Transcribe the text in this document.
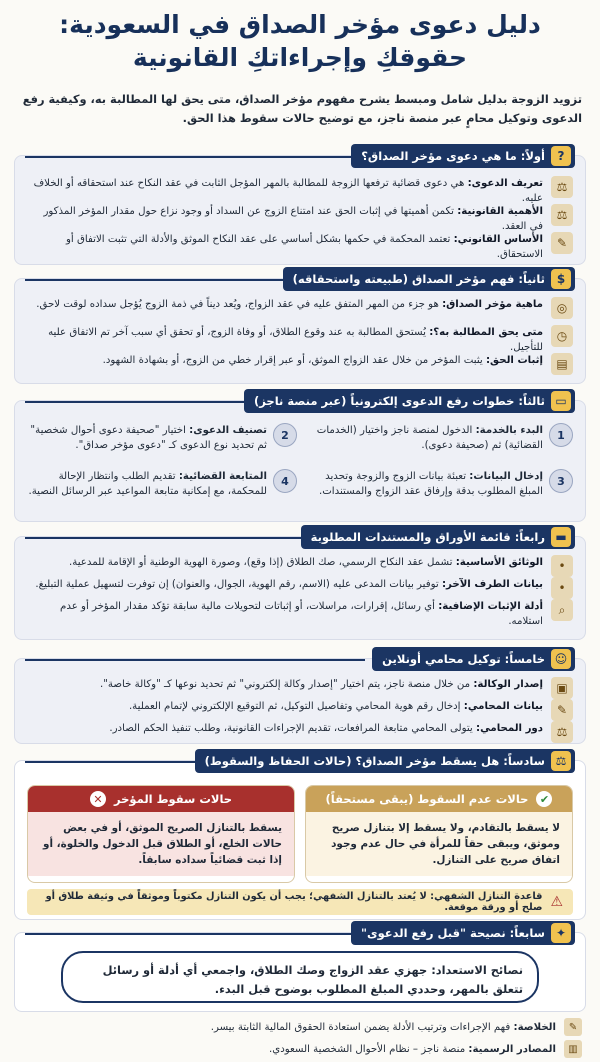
دليل دعوى مؤخر الصداق في السعودية:
حقوقكِ وإجراءاتكِ القانونية

تزويد الزوجة بدليل شامل ومبسط يشرح مفهوم مؤخر الصداق، متى يحق لها المطالبة به، وكيفية رفع الدعوى وتوكيل محامٍ عبر منصة ناجز، مع توضيح حالات سقوط هذا الحق.

?
أولاً: ما هي دعوى مؤخر الصداق؟
⚖
تعريف الدعوى: هي دعوى قضائية ترفعها الزوجة للمطالبة بالمهر المؤجل الثابت في عقد النكاح عند استحقاقه أو الخلاف عليه.
⚖
الأهمية القانونية: تكمن أهميتها في إثبات الحق عند امتناع الزوج عن السداد أو وجود نزاع حول مقدار المؤخر المذكور في العقد.
✎
الأساس القانوني: تعتمد المحكمة في حكمها بشكل أساسي على عقد النكاح الموثق والأدلة التي تثبت الاتفاق أو الاستحقاق.
$
ثانياً: فهم مؤخر الصداق (طبيعته واستحقاقه)
◎
ماهية مؤخر الصداق: هو جزء من المهر المتفق عليه في عقد الزواج، ويُعد ديناً في ذمة الزوج يُؤجل سداده لوقت لاحق.
◷
متى يحق المطالبة به؟: يُستحق المطالبة به عند وقوع الطلاق، أو وفاة الزوج، أو تحقق أي سبب آخر تم الاتفاق عليه للتأجيل.
▤
إثبات الحق: يثبت المؤخر من خلال عقد الزواج الموثق، أو عبر إقرار خطي من الزوج، أو بشهادة الشهود.
▭
ثالثاً: خطوات رفع الدعوى إلكترونياً (عبر منصة ناجز)
1
البدء بالخدمة: الدخول لمنصة ناجز واختيار (الخدمات القضائية) ثم (صحيفة دعوى).
2
تصنيف الدعوى: اختيار "صحيفة دعوى أحوال شخصية" ثم تحديد نوع الدعوى كـ "دعوى مؤخر صداق".
3
إدخال البيانات: تعبئة بيانات الزوج والزوجة وتحديد المبلغ المطلوب بدقة وإرفاق عقد الزواج والمستندات.
4
المتابعة القضائية: تقديم الطلب وانتظار الإحالة للمحكمة، مع إمكانية متابعة المواعيد عبر الرسائل النصية.
▬
رابعاً: قائمة الأوراق والمستندات المطلوبة
•
الوثائق الأساسية: تشمل عقد النكاح الرسمي، صك الطلاق (إذا وقع)، وصورة الهوية الوطنية أو الإقامة للمدعية.
•
بيانات الطرف الآخر: توفير بيانات المدعى عليه (الاسم، رقم الهوية، الجوال، والعنوان) إن توفرت لتسهيل عملية التبليغ.
⌕
أدلة الإثبات الإضافية: أي رسائل، إقرارات، مراسلات، أو إثباتات لتحويلات مالية سابقة تؤكد مقدار المؤخر أو عدم استلامه.
☺
خامساً: توكيل محامي أونلاين
▣
إصدار الوكالة: من خلال منصة ناجز، يتم اختيار "إصدار وكالة إلكتروني" ثم تحديد نوعها كـ "وكالة خاصة".
✎
بيانات المحامي: إدخال رقم هوية المحامي وتفاصيل التوكيل، ثم التوقيع الإلكتروني لإتمام العملية.
⚖
دور المحامي: يتولى المحامي متابعة المرافعات، تقديم الإجراءات القانونية، وطلب تنفيذ الحكم الصادر.
⚖
سادساً: هل يسقط مؤخر الصداق؟ (حالات الحفاظ والسقوط)
✔
حالات عدم السقوط (يبقى مستحقاً)
لا يسقط بالتقادم، ولا يسقط إلا بتنازل صريح وموثق، ويبقى حقاً للمرأة في حال عدم وجود اتفاق صريح على التنازل.
حالات سقوط المؤخر
✕
يسقط بالتنازل الصريح الموثق، أو في بعض حالات الخلع، أو الطلاق قبل الدخول والخلوة، أو إذا ثبت قضائياً سداده سابقاً.
⚠
قاعدة التنازل الشفهي: لا يُعتد بالتنازل الشفهي؛ يجب أن يكون التنازل مكتوباً وموثقاً في وثيقة طلاق أو صلح أو ورقة موقعة.
✦
سابعاً: نصيحة "قبل رفع الدعوى"
نصائح الاستعداد: جهزي عقد الزواج وصك الطلاق، واجمعي أي أدلة أو رسائل تتعلق بالمهر، وحددي المبلغ المطلوب بوضوح قبل البدء.
✎
الخلاصة: فهم الإجراءات وترتيب الأدلة يضمن استعادة الحقوق المالية الثابتة بيسر.
▥
المصادر الرسمية: منصة ناجز – نظام الأحوال الشخصية السعودي.
